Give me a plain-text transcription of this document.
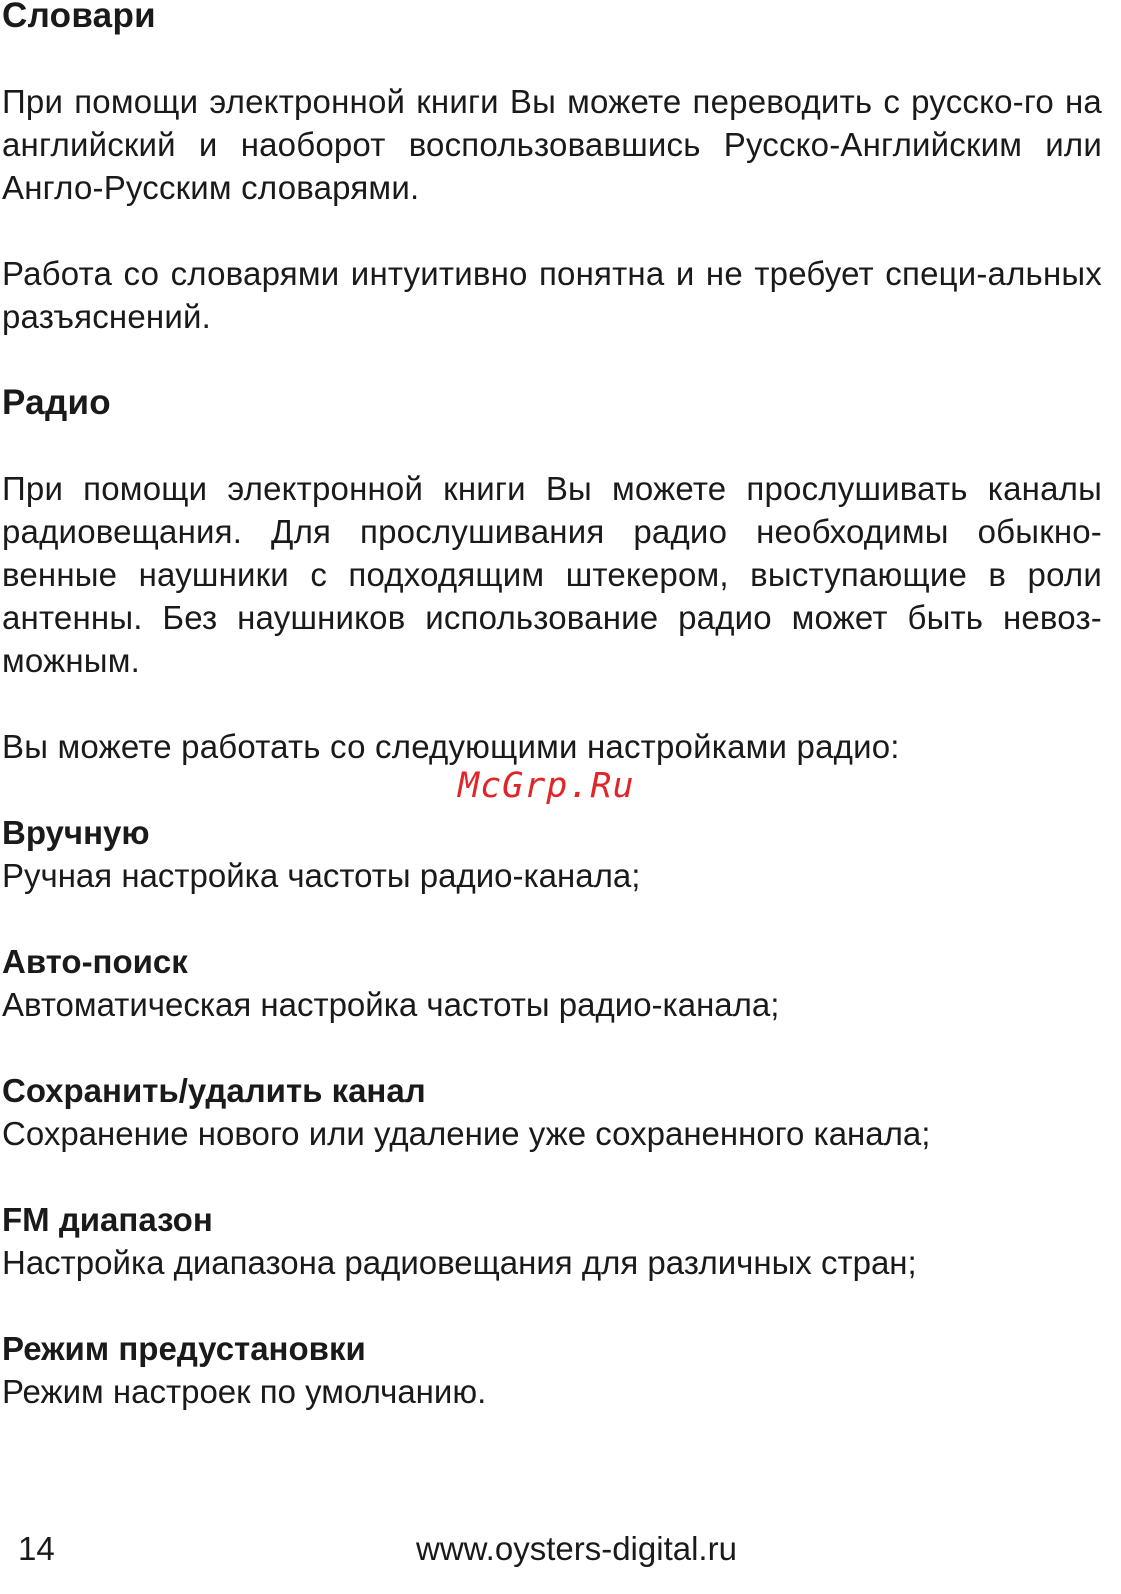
Словари

При помощи электронной книги Вы можете переводить с русско-го на английский и наоборот воспользовавшись Русско-Английским или Англо-Русским словарями.

Работа со словарями интуитивно понятна и не требует специ-альных разъяснений.

Радио

При помощи электронной книги Вы можете прослушивать каналы радиовещания. Для прослушивания радио необходимы обыкно-венные наушники с подходящим штекером, выступающие в роли антенны. Без наушников использование радио может быть невоз-можным.

Вы можете работать со следующими настройками радио:

Вручную
Ручная настройка частоты радио-канала;
Авто-поиск
Автоматическая настройка частоты радио-канала;
Сохранить/удалить канал
Сохранение нового или удаление уже сохраненного канала;
FM диапазон
Настройка диапазона радиовещания для различных стран;
Режим предустановки
Режим настроек по умолчанию.
McGrp.Ru
14	www.oysters-digital.ru
